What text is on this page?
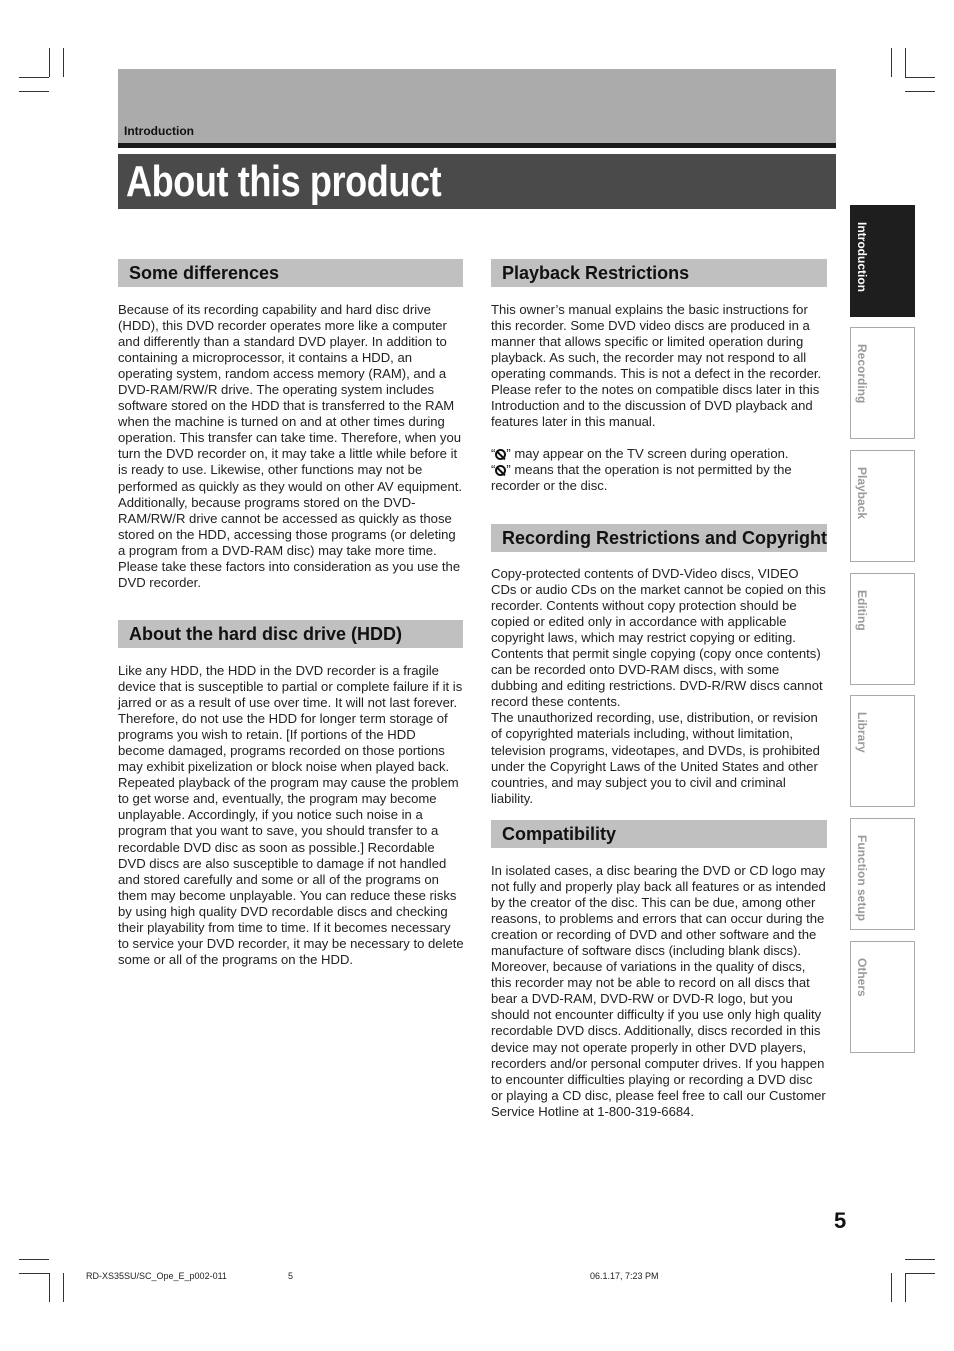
Introduction
About this product
Introduction
Recording
Playback
Editing
Library
Function setup
Others
Some differences

Because of its recording capability and hard disc drive (HDD), this DVD recorder operates more like a computer and differently than a standard DVD player. In addition to containing a microprocessor, it contains a HDD, an operating system, random access memory (RAM), and a DVD-RAM/RW/R drive. The operating system includes software stored on the HDD that is transferred to the RAM when the machine is turned on and at other times during operation. This transfer can take time. Therefore, when you turn the DVD recorder on, it may take a little while before it is ready to use. Likewise, other functions may not be performed as quickly as they would on other AV equipment. Additionally, because programs stored on the DVD-RAM/RW/R drive cannot be accessed as quickly as those stored on the HDD, accessing those programs (or deleting a program from a DVD-RAM disc) may take more time. Please take these factors into consideration as you use the DVD recorder.

About the hard disc drive (HDD)

Like any HDD, the HDD in the DVD recorder is a fragile device that is susceptible to partial or complete failure if it is jarred or as a result of use over time. It will not last forever. Therefore, do not use the HDD for longer term storage of programs you wish to retain. [If portions of the HDD become damaged, programs recorded on those portions may exhibit pixelization or block noise when played back. Repeated playback of the program may cause the problem to get worse and, eventually, the program may become unplayable. Accordingly, if you notice such noise in a program that you want to save, you should transfer to a recordable DVD disc as soon as possible.] Recordable DVD discs are also susceptible to damage if not handled and stored carefully and some or all of the programs on them may become unplayable. You can reduce these risks by using high quality DVD recordable discs and checking their playability from time to time. If it becomes necessary to service your DVD recorder, it may be necessary to delete some or all of the programs on the HDD.

Playback Restrictions

This owner’s manual explains the basic instructions for this recorder. Some DVD video discs are produced in a manner that allows specific or limited operation during playback. As such, the recorder may not respond to all operating commands. This is not a defect in the recorder. Please refer to the notes on compatible discs later in this Introduction and to the discussion of DVD playback and features later in this manual.

“ ” may appear on the TV screen during operation.

“ ” means that the operation is not permitted by the recorder or the disc.

Recording Restrictions and Copyright

Copy-protected contents of DVD-Video discs, VIDEO CDs or audio CDs on the market cannot be copied on this recorder. Contents without copy protection should be copied or edited only in accordance with applicable copyright laws, which may restrict copying or editing. Contents that permit single copying (copy once contents) can be recorded onto DVD-RAM discs, with some dubbing and editing restrictions. DVD-R/RW discs cannot record these contents.

The unauthorized recording, use, distribution, or revision of copyrighted materials including, without limitation, television programs, videotapes, and DVDs, is prohibited under the Copyright Laws of the United States and other countries, and may subject you to civil and criminal liability.

Compatibility

In isolated cases, a disc bearing the DVD or CD logo may not fully and properly play back all features or as intended by the creator of the disc. This can be due, among other reasons, to problems and errors that can occur during the creation or recording of DVD and other software and the manufacture of software discs (including blank discs). Moreover, because of variations in the quality of discs, this recorder may not be able to record on all discs that bear a DVD-RAM, DVD-RW or DVD-R logo, but you should not encounter difficulty if you use only high quality recordable DVD discs. Additionally, discs recorded in this device may not operate properly in other DVD players, recorders and/or personal computer drives. If you happen to encounter difficulties playing or recording a DVD disc or playing a CD disc, please feel free to call our Customer Service Hotline at 1-800-319-6684.

5
RD-XS35SU/SC_Ope_E_p002-011	5	06.1.17, 7:23 PM
